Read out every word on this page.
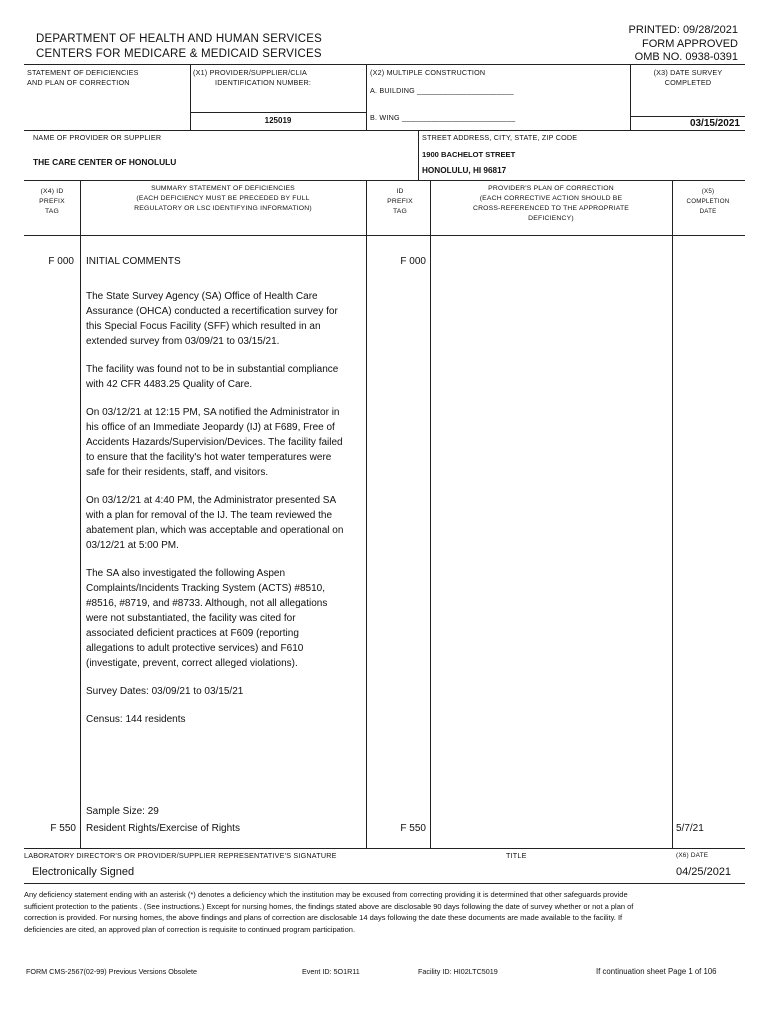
DEPARTMENT OF HEALTH AND HUMAN SERVICES
CENTERS FOR MEDICARE & MEDICAID SERVICES
PRINTED: 09/28/2021
FORM APPROVED
OMB NO. 0938-0391
STATEMENT OF DEFICIENCIES
AND PLAN OF CORRECTION
(X1) PROVIDER/SUPPLIER/CLIA
IDENTIFICATION NUMBER:
125019
(X2) MULTIPLE CONSTRUCTION
A. BUILDING _______________________
B. WING ___________________________
(X3) DATE SURVEY
COMPLETED
03/15/2021
NAME OF PROVIDER OR SUPPLIER
THE CARE CENTER OF HONOLULU
STREET ADDRESS, CITY, STATE, ZIP CODE
1900 BACHELOT STREET
HONOLULU, HI 96817
(X4) ID
PREFIX
TAG
SUMMARY STATEMENT OF DEFICIENCIES
(EACH DEFICIENCY MUST BE PRECEDED BY FULL
REGULATORY OR LSC IDENTIFYING INFORMATION)
ID
PREFIX
TAG
PROVIDER'S PLAN OF CORRECTION
(EACH CORRECTIVE ACTION SHOULD BE
CROSS-REFERENCED TO THE APPROPRIATE
DEFICIENCY)
(X5)
COMPLETION
DATE
F 000	F 000
INITIAL COMMENTS

The State Survey Agency (SA) Office of Health Care Assurance (OHCA) conducted a recertification survey for this Special Focus Facility (SFF) which resulted in an extended survey from 03/09/21 to 03/15/21.

The facility was found not to be in substantial compliance with 42 CFR 4483.25 Quality of Care.

On 03/12/21 at 12:15 PM, SA notified the Administrator in his office of an Immediate Jeopardy (IJ) at F689, Free of Accidents Hazards/Supervision/Devices. The facility failed to ensure that the facility's hot water temperatures were safe for their residents, staff, and visitors.

On 03/12/21 at 4:40 PM, the Administrator presented SA with a plan for removal of the IJ. The team reviewed the abatement plan, which was acceptable and operational on 03/12/21 at 5:00 PM.

The SA also investigated the following Aspen Complaints/Incidents Tracking System (ACTS) #8510, #8516, #8719, and #8733. Although, not all allegations were not substantiated, the facility was cited for associated deficient practices at F609 (reporting allegations to adult protective services) and F610 (investigate, prevent, correct alleged violations).

Survey Dates: 03/09/21 to 03/15/21

Census: 144 residents

Sample Size: 29
F 550 Resident Rights/Exercise of Rights	F 550	5/7/21
LABORATORY DIRECTOR'S OR PROVIDER/SUPPLIER REPRESENTATIVE'S SIGNATURE	TITLE	(X6) DATE
Electronically Signed	04/25/2021
Any deficiency statement ending with an asterisk (*) denotes a deficiency which the institution may be excused from correcting providing it is determined that other safeguards provide sufficient protection to the patients . (See instructions.) Except for nursing homes, the findings stated above are disclosable 90 days following the date of survey whether or not a plan of correction is provided. For nursing homes, the above findings and plans of correction are disclosable 14 days following the date these documents are made available to the facility. If deficiencies are cited, an approved plan of correction is requisite to continued program participation.
FORM CMS-2567(02-99) Previous Versions Obsolete	Event ID: 5O1R11	Facility ID: HI02LTC5019	If continuation sheet Page 1 of 106
